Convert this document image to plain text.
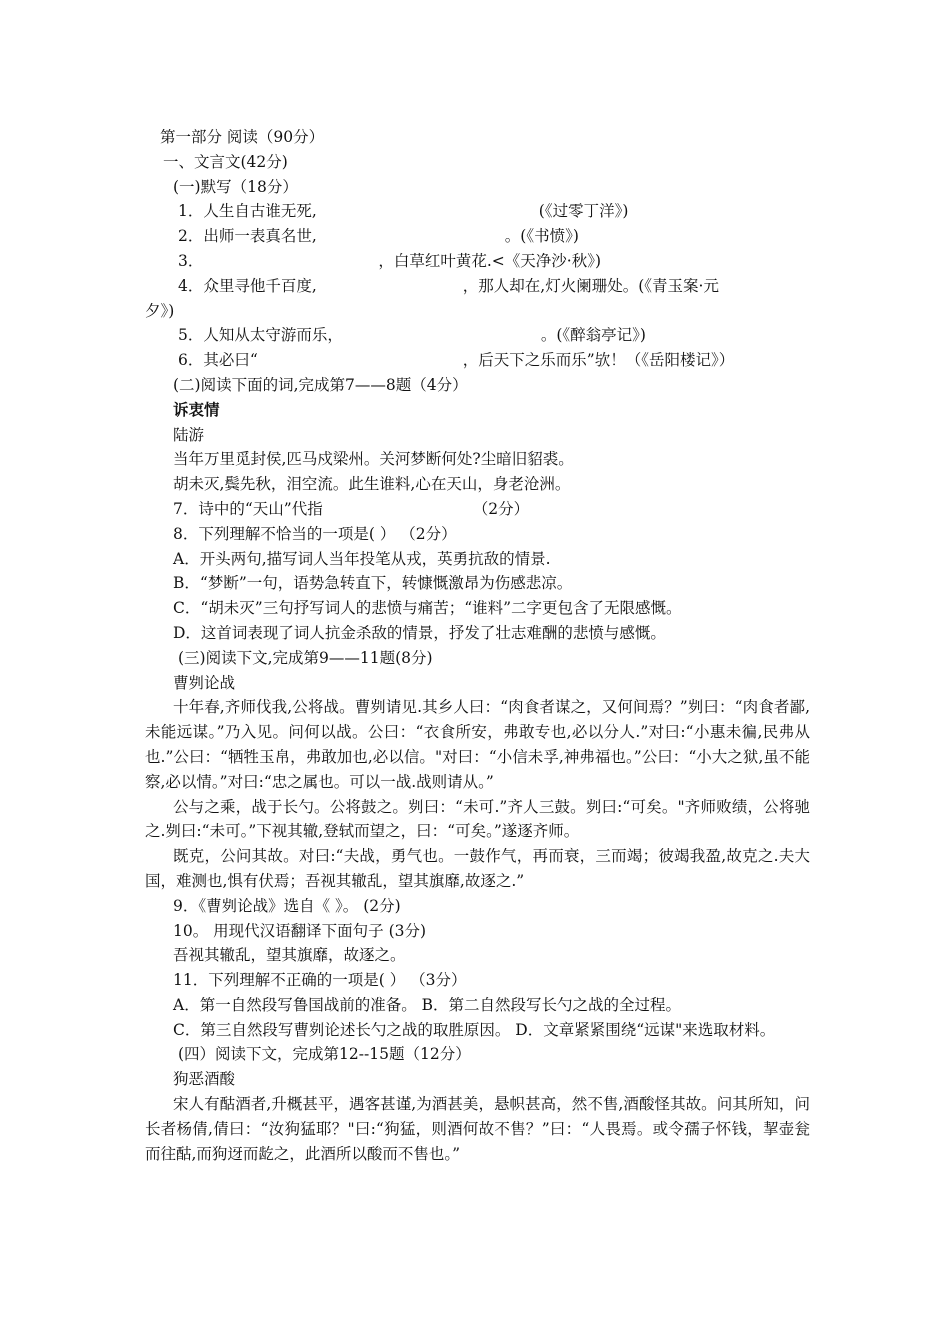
第一部分 阅读（90分）
一、文言文(42分)
(一)默写（18分）
1．人生自古谁无死,	(《过零丁洋》)
2．出师一表真名世,	。(《书愤》)
3．	，白草红叶黄花.<《天净沙·秋》)
4．众里寻他千百度,	，那人却在,灯火阑珊处。(《青玉案·元
夕》)
5．人知从太守游而乐，	。(《醉翁亭记》)
6．其必曰“	，后天下之乐而乐”欤！（《岳阳楼记》）
(二)阅读下面的词,完成第7——8题（4分）
诉衷情
陆游
当年万里觅封侯,匹马戍梁州。关河梦断何处?尘暗旧貂裘。
胡未灭,鬓先秋，泪空流。此生谁料,心在天山，身老沧洲。
7．诗中的“天山”代指	（2分）
8．下列理解不恰当的一项是( ） （2分）
A．开头两句,描写词人当年投笔从戎，英勇抗敌的情景.
B．“梦断”一句，语势急转直下，转慷慨激昂为伤感悲凉。
C．“胡未灭”三句抒写词人的悲愤与痛苦；“谁料”二字更包含了无限感慨。
D．这首词表现了词人抗金杀敌的情景，抒发了壮志难酬的悲愤与感慨。
(三)阅读下文,完成第9——11题(8分)
曹刿论战
十年春,齐师伐我,公将战。曹刿请见.其乡人曰：“肉食者谋之，又何间焉？”刿曰：“肉食者鄙,未能远谋。”乃入见。问何以战。公曰：“衣食所安，弗敢专也,必以分人.”对曰:“小惠未徧,民弗从也.”公曰：“牺牲玉帛，弗敢加也,必以信。"对曰：“小信未孚,神弗福也。”公曰：“小大之狱,虽不能察,必以情。”对曰:“忠之属也。可以一战.战则请从。”
公与之乘，战于长勺。公将鼓之。刿曰：“未可.”齐人三鼓。刿曰:“可矣。"齐师败绩，公将驰之.刿曰:“未可。”下视其辙,登轼而望之，曰：“可矣。”遂逐齐师。
既克，公问其故。对曰:“夫战，勇气也。一鼓作气，再而衰，三而竭；彼竭我盈,故克之.夫大国，难测也,惧有伏焉；吾视其辙乱，望其旗靡,故逐之.”
9．《曹刿论战》选自《 》。 (2分)
10。 用现代汉语翻译下面句子 (3分)
吾视其辙乱，望其旗靡，故逐之。
11．下列理解不正确的一项是( ） （3分）
A．第一自然段写鲁国战前的准备。 B．第二自然段写长勺之战的全过程。
C．第三自然段写曹刿论述长勺之战的取胜原因。 D．文章紧紧围绕“远谋"来选取材料。
(四）阅读下文，完成第12--15题（12分）
狗恶酒酸
宋人有酤酒者,升概甚平，遇客甚谨,为酒甚美，悬帜甚高，然不售,酒酸怪其故。问其所知，问长者杨倩,倩曰：“汝狗猛耶？"曰:“狗猛，则酒何故不售？”曰：“人畏焉。或令孺子怀钱，挈壶瓮而往酤,而狗迓而龁之，此酒所以酸而不售也。”
